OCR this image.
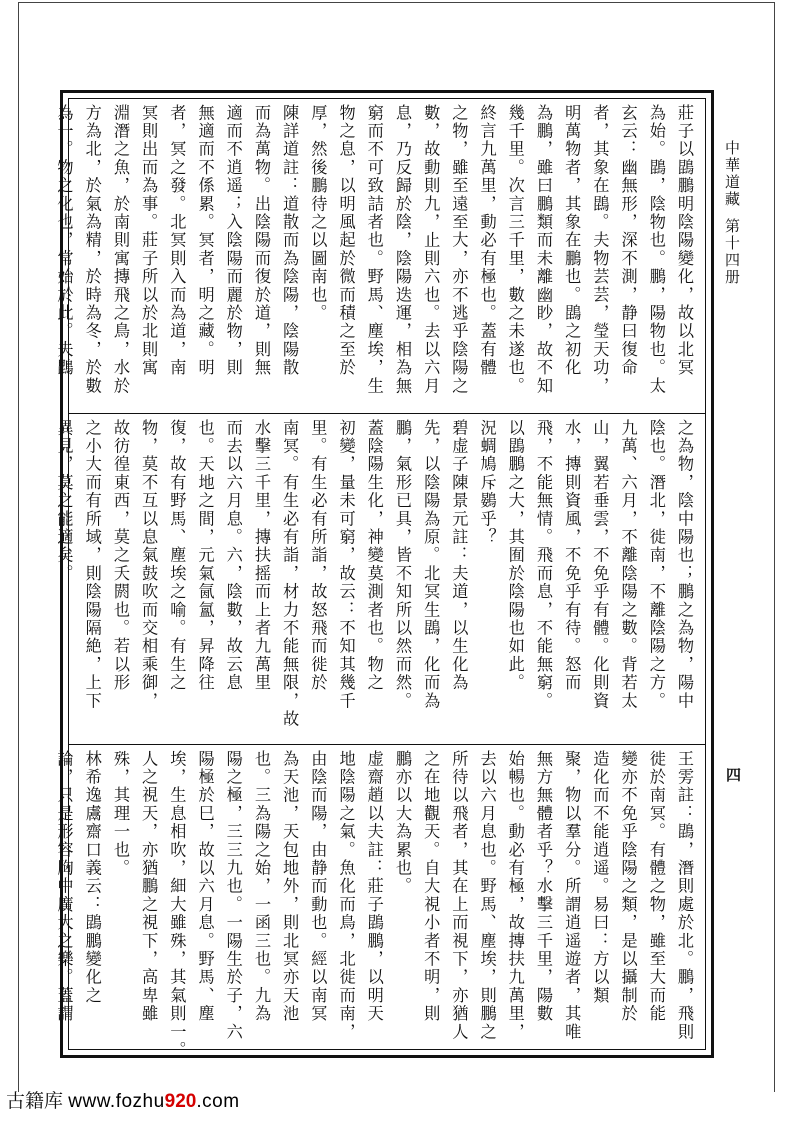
中華道藏第十四册
莊子以鵾鵬明陰陽變化，故以北冥
為始。鵾，陰物也。鵬，陽物也。太
玄云：幽無形，深不測，静曰復命
者，其象在鵾。夫物芸芸，瑩天功，
明萬物者，其象在鵬也。鵾之初化
為鵬，雖曰鵬類而未離幽眇，故不知
幾千里。次言三千里，數之未遂也。
終言九萬里，動必有極也。蓋有體
之物，雖至遠至大，亦不逃乎陰陽之
數，故動則九，止則六也。去以六月
息，乃反歸於陰，陰陽迭運，相為無
窮而不可致詰者也。野馬、塵埃，生
物之息，以明風起於微而積之至於
厚，然後鵬待之以圖南也。
陳詳道註：道散而為陰陽，陰陽散
而為萬物。出陰陽而復於道，則無
適而不逍遥；入陰陽而麗於物，則
無適而不係累。冥者，明之藏。明
者，冥之發。北冥則入而為道，南
冥則出而為事。莊子所以於北則寓
淵潛之魚，於南則寓摶飛之鳥，水於
方為北，於氣為精，於時為冬，於數
為一。物之化也，常始於此。夫鵾
之為物，陰中陽也；鵬之為物，陽中
陰也。潛北，徙南，不離陰陽之方。
九萬、六月，不離陰陽之數。背若太
山，翼若垂雲，不免乎有體。化則資
水，摶則資風，不免乎有待。怒而
飛，不能無情。飛而息，不能無窮。
以鵾鵬之大，其囿於陰陽也如此。
況蜩鳩斥鷃乎？
碧虚子陳景元註：夫道，以生化為
先，以陰陽為原。北冥生鵾，化而為
鵬，氣形已具，皆不知所以然而然。
蓋陰陽生化，神變莫測者也。物之
初變，量未可窮，故云：不知其幾千
里。有生必有所詣，故怒飛而徙於
南冥。有生必有詣，材力不能無限，故
水擊三千里，摶扶摇而上者九萬里
而去以六月息。六，陰數，故云息
也。天地之間，元氣氤氳，昇降往
復，故有野馬、塵埃之喻。有生之
物，莫不互以息氣鼓吹而交相乘御，
故彷徨東西，莫之夭閼也。若以形
之小大而有所域，則陰陽隔絶，上下
異見，莫之能適矣。
王雱註：鵾，潛則處於北。鵬，飛則
徙於南冥。有體之物，雖至大而能
變亦不免乎陰陽之類，是以攝制於
造化而不能逍遥。易曰：方以類
聚，物以羣分。所謂逍遥遊者，其唯
無方無體者乎？水擊三千里，陽數
始暢也。動必有極，故摶扶九萬里，
去以六月息也。野馬、塵埃，則鵬之
所待以飛者，其在上而視下，亦猶人
之在地觀天。自大視小者不明，則
鵬亦以大為累也。
虚齋趙以夫註：莊子鵾鵬，以明天
地陰陽之氣。魚化而鳥，北徙而南，
由陰而陽，由静而動也。經以南冥
為天池，天包地外，則北冥亦天池
也。三為陽之始，一函三也。九為
陽之極，三三九也。一陽生於子，六
陽極於巳，故以六月息。野馬、塵
埃，生息相吹，細大雖殊，其氣則一。
人之視天，亦猶鵬之視下，高卑雖
殊，其理一也。
林希逸鬳齋口義云：鵾鵬變化之
論，只是形容胸中廣大之樂。蓋謂	四
古籍库 www.fozhu920.com
